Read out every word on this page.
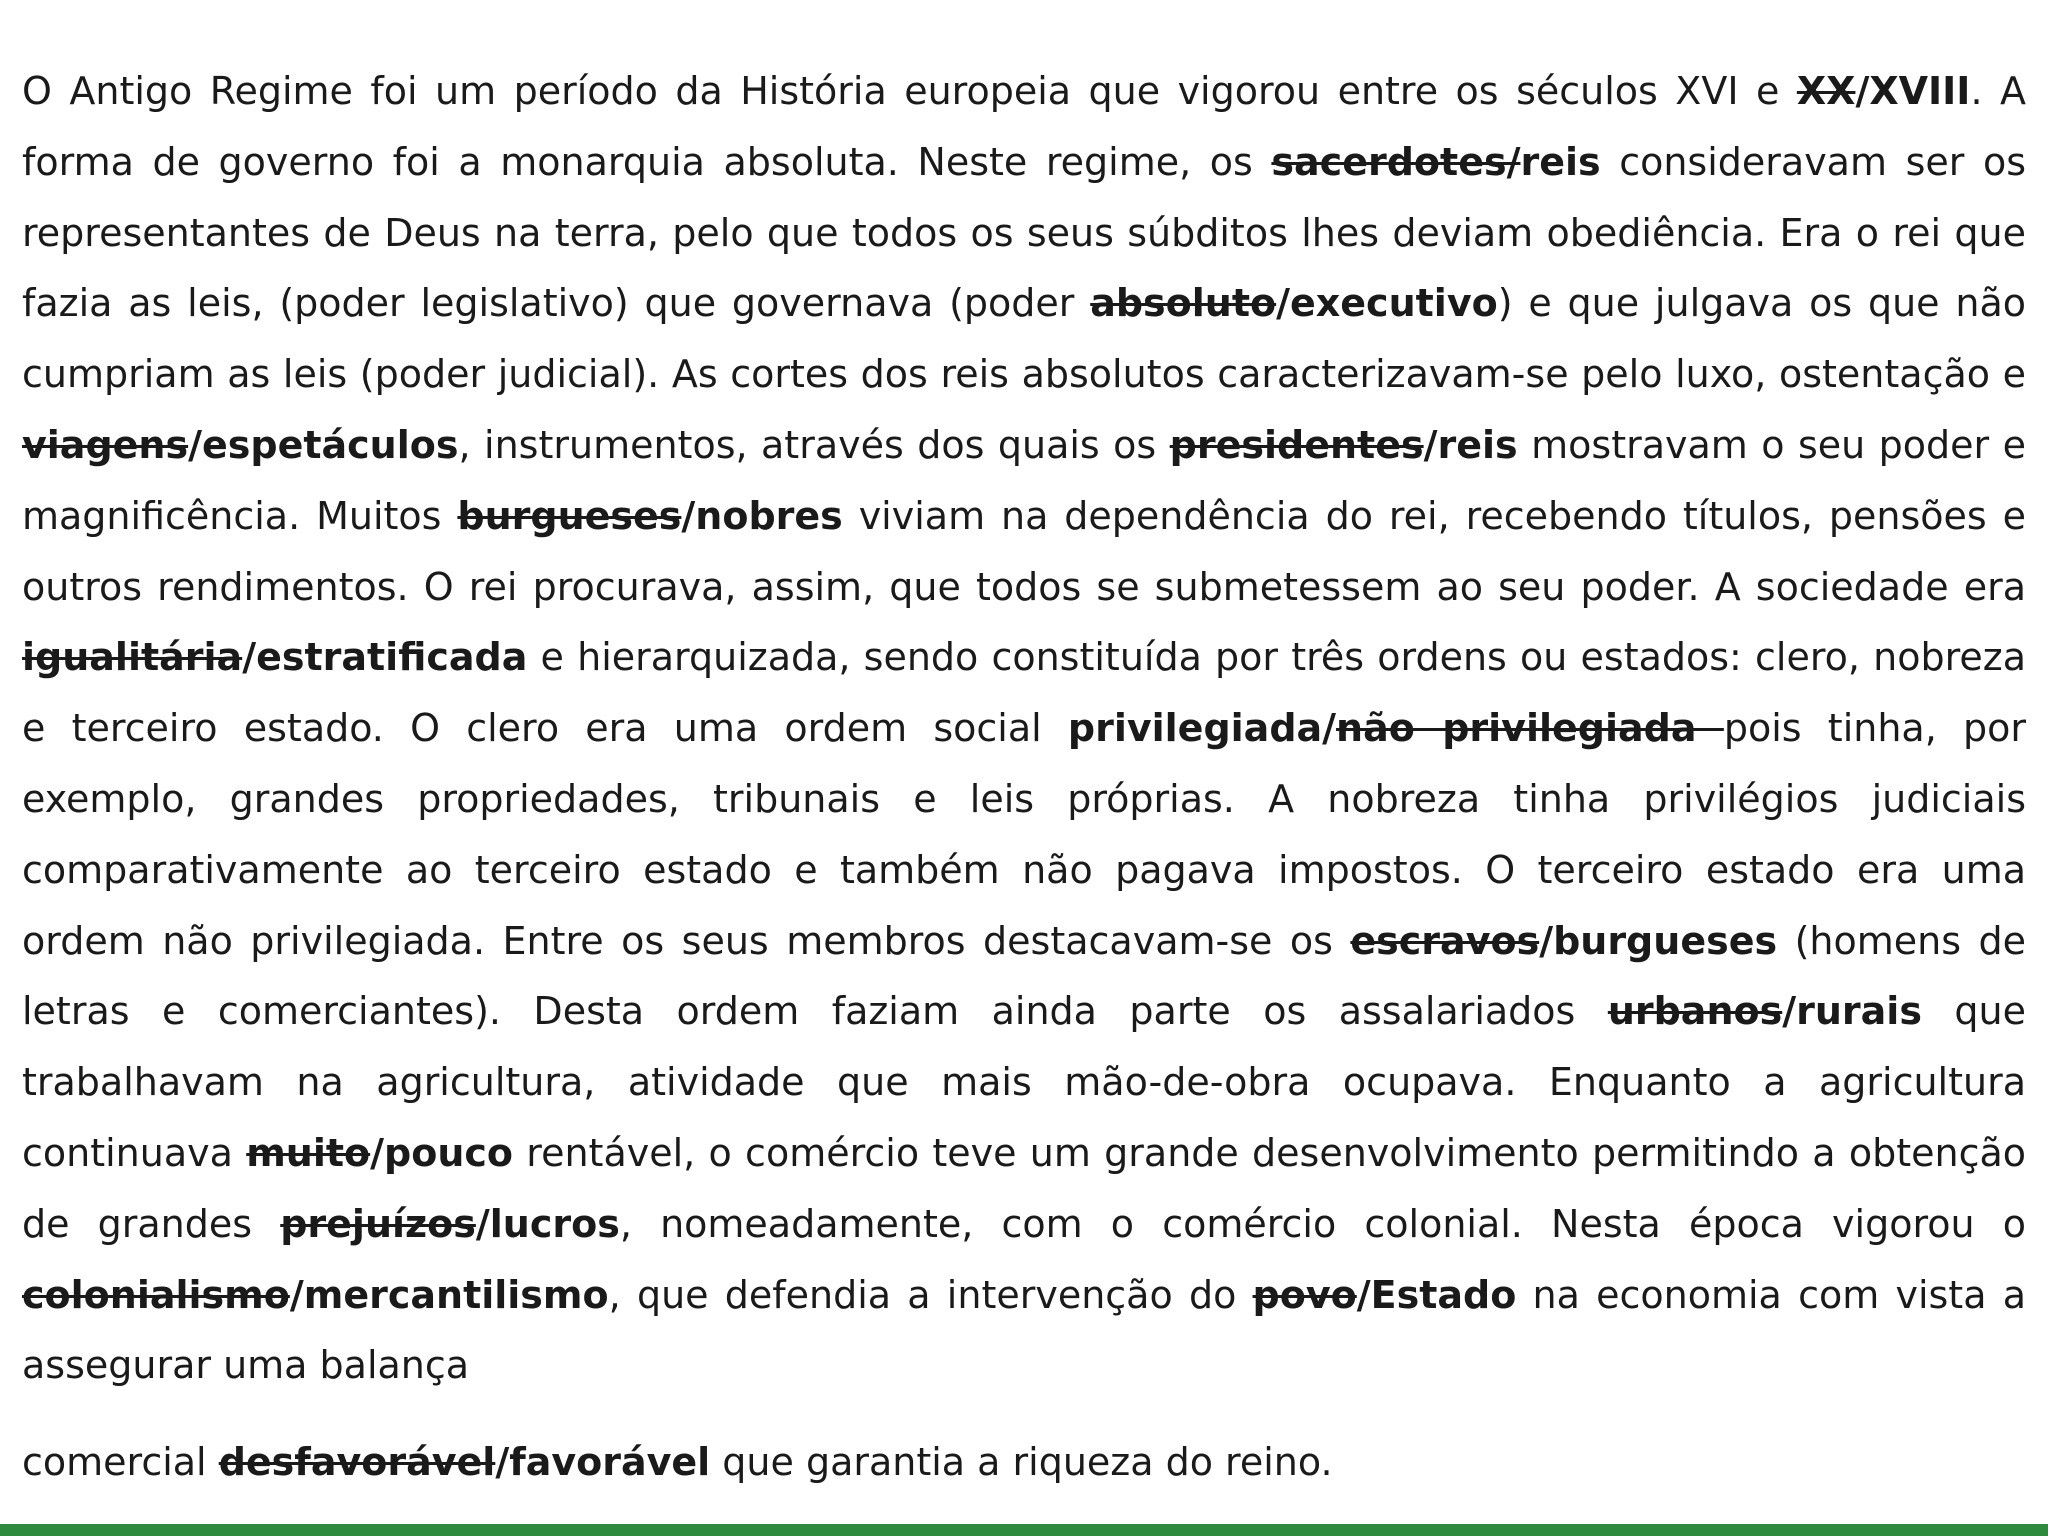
O Antigo Regime foi um período da História europeia que vigorou entre os séculos XVI e XX/XVIII. A forma de governo foi a monarquia absoluta. Neste regime, os sacerdotes/reis consideravam ser os representantes de Deus na terra, pelo que todos os seus súbditos lhes deviam obediência. Era o rei que fazia as leis, (poder legislativo) que governava (poder absoluto/executivo) e que julgava os que não cumpriam as leis (poder judicial). As cortes dos reis absolutos caracterizavam-se pelo luxo, ostentação e viagens/espetáculos, instrumentos, através dos quais os presidentes/reis mostravam o seu poder e magnificência. Muitos burgueses/nobres viviam na dependência do rei, recebendo títulos, pensões e outros rendimentos. O rei procurava, assim, que todos se submetessem ao seu poder. A sociedade era igualitária/estratificada e hierarquizada, sendo constituída por três ordens ou estados: clero, nobreza e terceiro estado. O clero era uma ordem social privilegiada/não privilegiada pois tinha, por exemplo, grandes propriedades, tribunais e leis próprias. A nobreza tinha privilégios judiciais comparativamente ao terceiro estado e também não pagava impostos. O terceiro estado era uma ordem não privilegiada. Entre os seus membros destacavam-se os escravos/burgueses (homens de letras e comerciantes). Desta ordem faziam ainda parte os assalariados urbanos/rurais que trabalhavam na agricultura, atividade que mais mão-de-obra ocupava. Enquanto a agricultura continuava muito/pouco rentável, o comércio teve um grande desenvolvimento permitindo a obtenção de grandes prejuízos/lucros, nomeadamente, com o comércio colonial. Nesta época vigorou o colonialismo/mercantilismo, que defendia a intervenção do povo/Estado na economia com vista a assegurar uma balança

comercial desfavorável/favorável que garantia a riqueza do reino.
